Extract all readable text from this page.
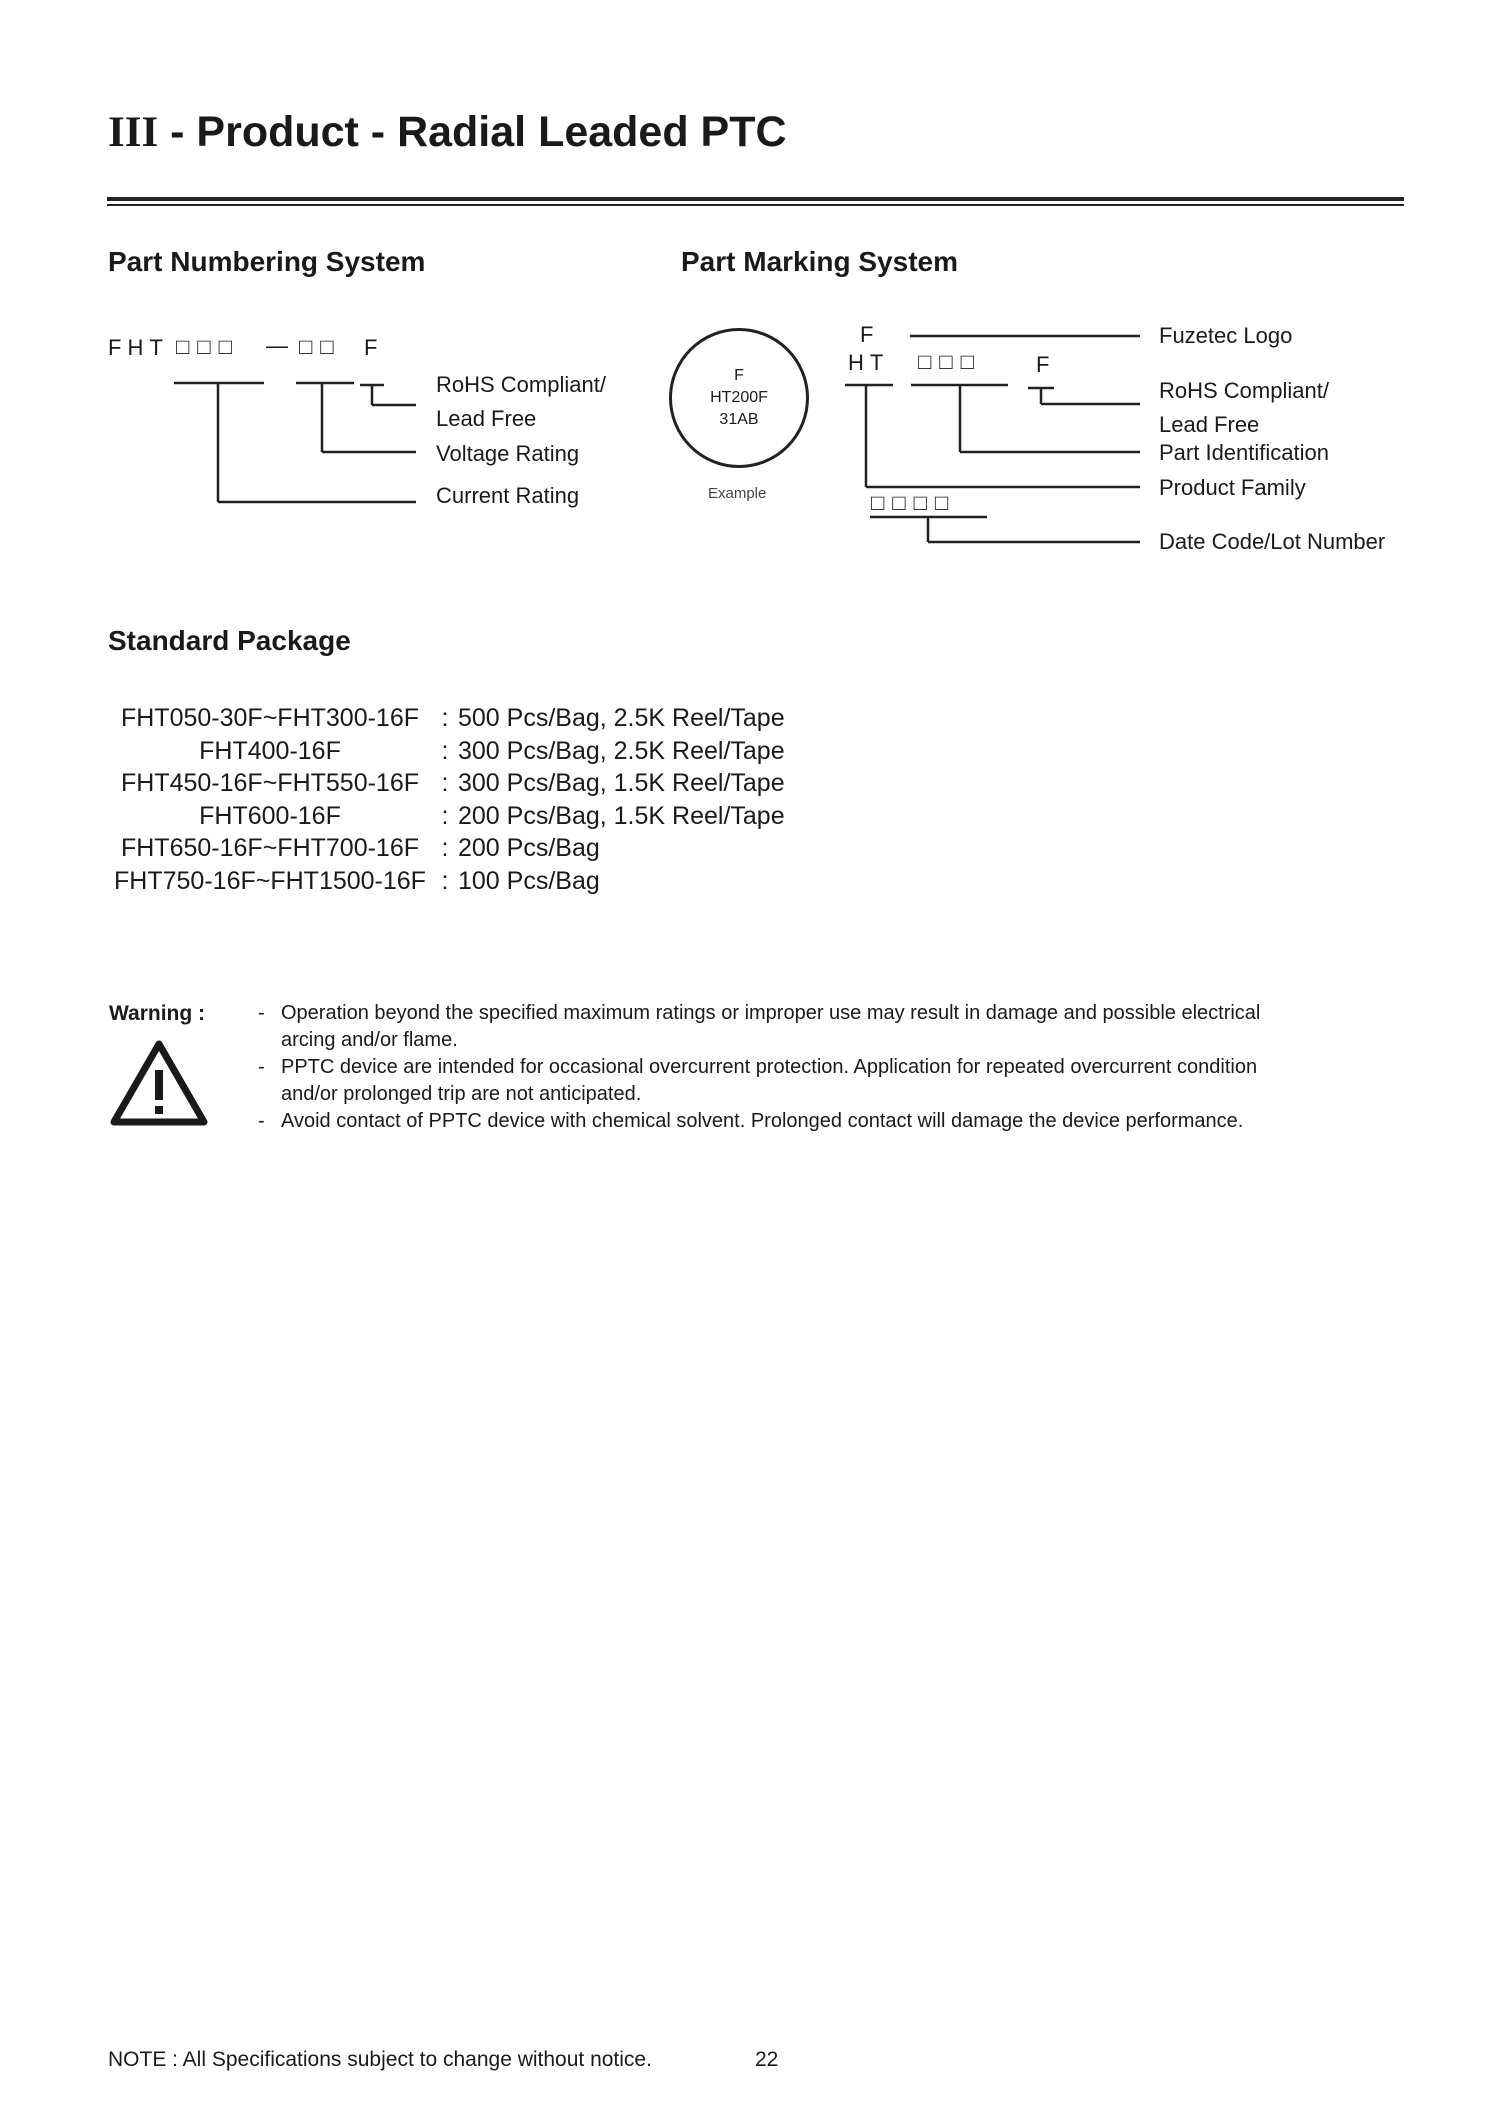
III - Product - Radial Leaded PTC
Part Numbering System
FHT □□□ — □□ F
RoHS Compliant/
Lead Free
Voltage Rating
Current Rating
Part Marking System
F
HT200F
31AB
Example
F
HT □□□ F
□□□□
Fuzetec Logo
RoHS Compliant/
Lead Free
Part Identification
Product Family
Date Code/Lot Number
Standard Package
FHT050-30F~FHT300-16F : 500 Pcs/Bag, 2.5K Reel/Tape
FHT400-16F	: 300 Pcs/Bag, 2.5K Reel/Tape
FHT450-16F~FHT550-16F : 300 Pcs/Bag, 1.5K Reel/Tape
FHT600-16F	: 200 Pcs/Bag, 1.5K Reel/Tape
FHT650-16F~FHT700-16F : 200 Pcs/Bag
FHT750-16F~FHT1500-16F : 100 Pcs/Bag
Warning :	- Operation beyond the specified maximum ratings or improper use may result in damage and possible electrical
arcing and/or flame.
- PPTC device are intended for occasional overcurrent protection. Application for repeated overcurrent condition
and/or prolonged trip are not anticipated.
- Avoid contact of PPTC device with chemical solvent. Prolonged contact will damage the device performance.
NOTE : All Specifications subject to change without notice.	22
